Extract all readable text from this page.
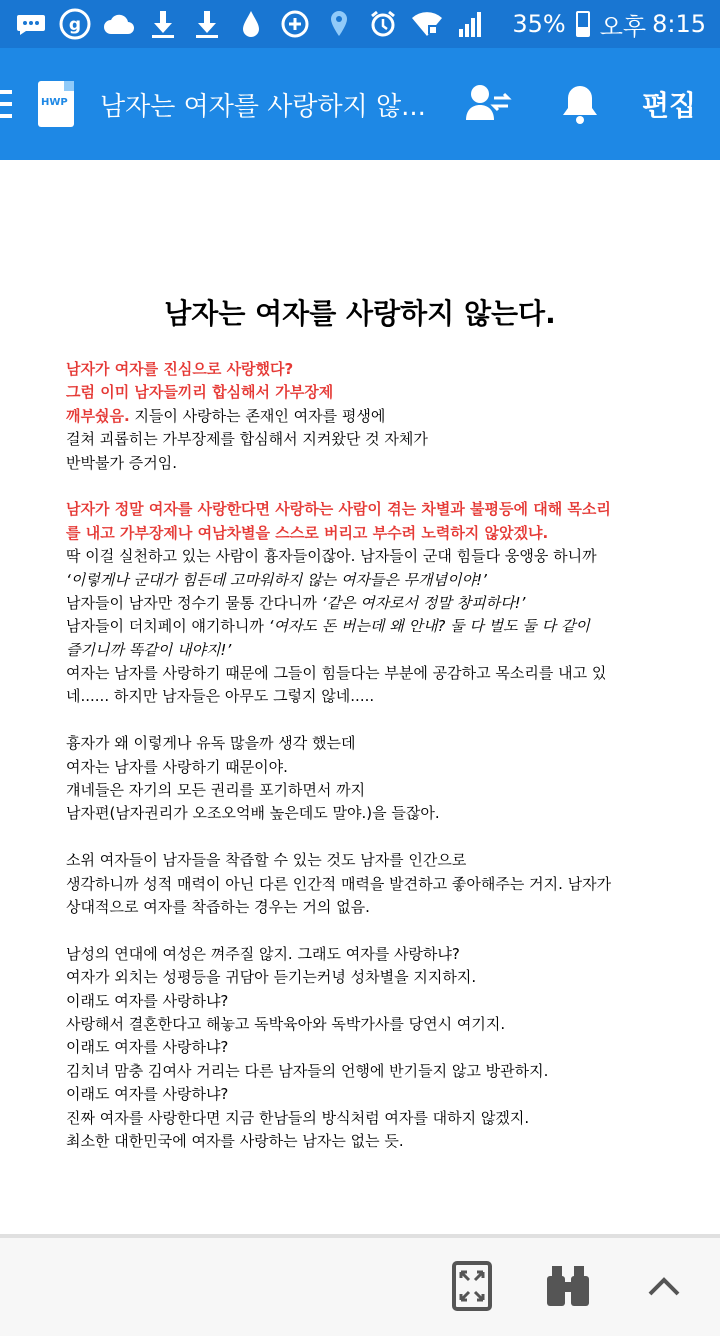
g	35% 오후 8:15
HWP 남자는 여자를 사랑하지 않...	편집
남자는 여자를 사랑하지 않는다.
남자가 여자를 진심으로 사랑했다?
그럼 이미 남자들끼리 합심해서 가부장제
깨부쉈음. 지들이 사랑하는 존재인 여자를 평생에
걸쳐 괴롭히는 가부장제를 합심해서 지켜왔단 것 자체가
반박불가 증거임.
남자가 정말 여자를 사랑한다면 사랑하는 사람이 겪는 차별과 불평등에 대해 목소리
를 내고 가부장제나 여남차별을 스스로 버리고 부수려 노력하지 않았겠냐.
딱 이걸 실천하고 있는 사람이 흉자들이잖아. 남자들이 군대 힘들다 웅앵웅 하니까
‘이렇게나 군대가 힘든데 고마워하지 않는 여자들은 무개념이야!’
남자들이 남자만 정수기 물통 간다니까 ‘같은 여자로서 정말 창피하다!’
남자들이 더치페이 얘기하니까 ‘여자도 돈 버는데 왜 안내? 둘 다 벌도 둘 다 같이
즐기니까 똑같이 내야지!’
여자는 남자를 사랑하기 때문에 그들이 힘들다는 부분에 공감하고 목소리를 내고 있
네...... 하지만 남자들은 아무도 그렇지 않네.....
흉자가 왜 이렇게나 유독 많을까 생각 했는데
여자는 남자를 사랑하기 때문이야.
걔네들은 자기의 모든 권리를 포기하면서 까지
남자편(남자권리가 오조오억배 높은데도 말야.)을 들잖아.
소위 여자들이 남자들을 착즙할 수 있는 것도 남자를 인간으로
생각하니까 성적 매력이 아닌 다른 인간적 매력을 발견하고 좋아해주는 거지. 남자가
상대적으로 여자를 착즙하는 경우는 거의 없음.
남성의 연대에 여성은 껴주질 않지. 그래도 여자를 사랑하냐?
여자가 외치는 성평등을 귀담아 듣기는커녕 성차별을 지지하지.
이래도 여자를 사랑하냐?
사랑해서 결혼한다고 해놓고 독박육아와 독박가사를 당연시 여기지.
이래도 여자를 사랑하냐?
김치녀 맘충 김여사 거리는 다른 남자들의 언행에 반기들지 않고 방관하지.
이래도 여자를 사랑하냐?
진짜 여자를 사랑한다면 지금 한남들의 방식처럼 여자를 대하지 않겠지.
최소한 대한민국에 여자를 사랑하는 남자는 없는 듯.
